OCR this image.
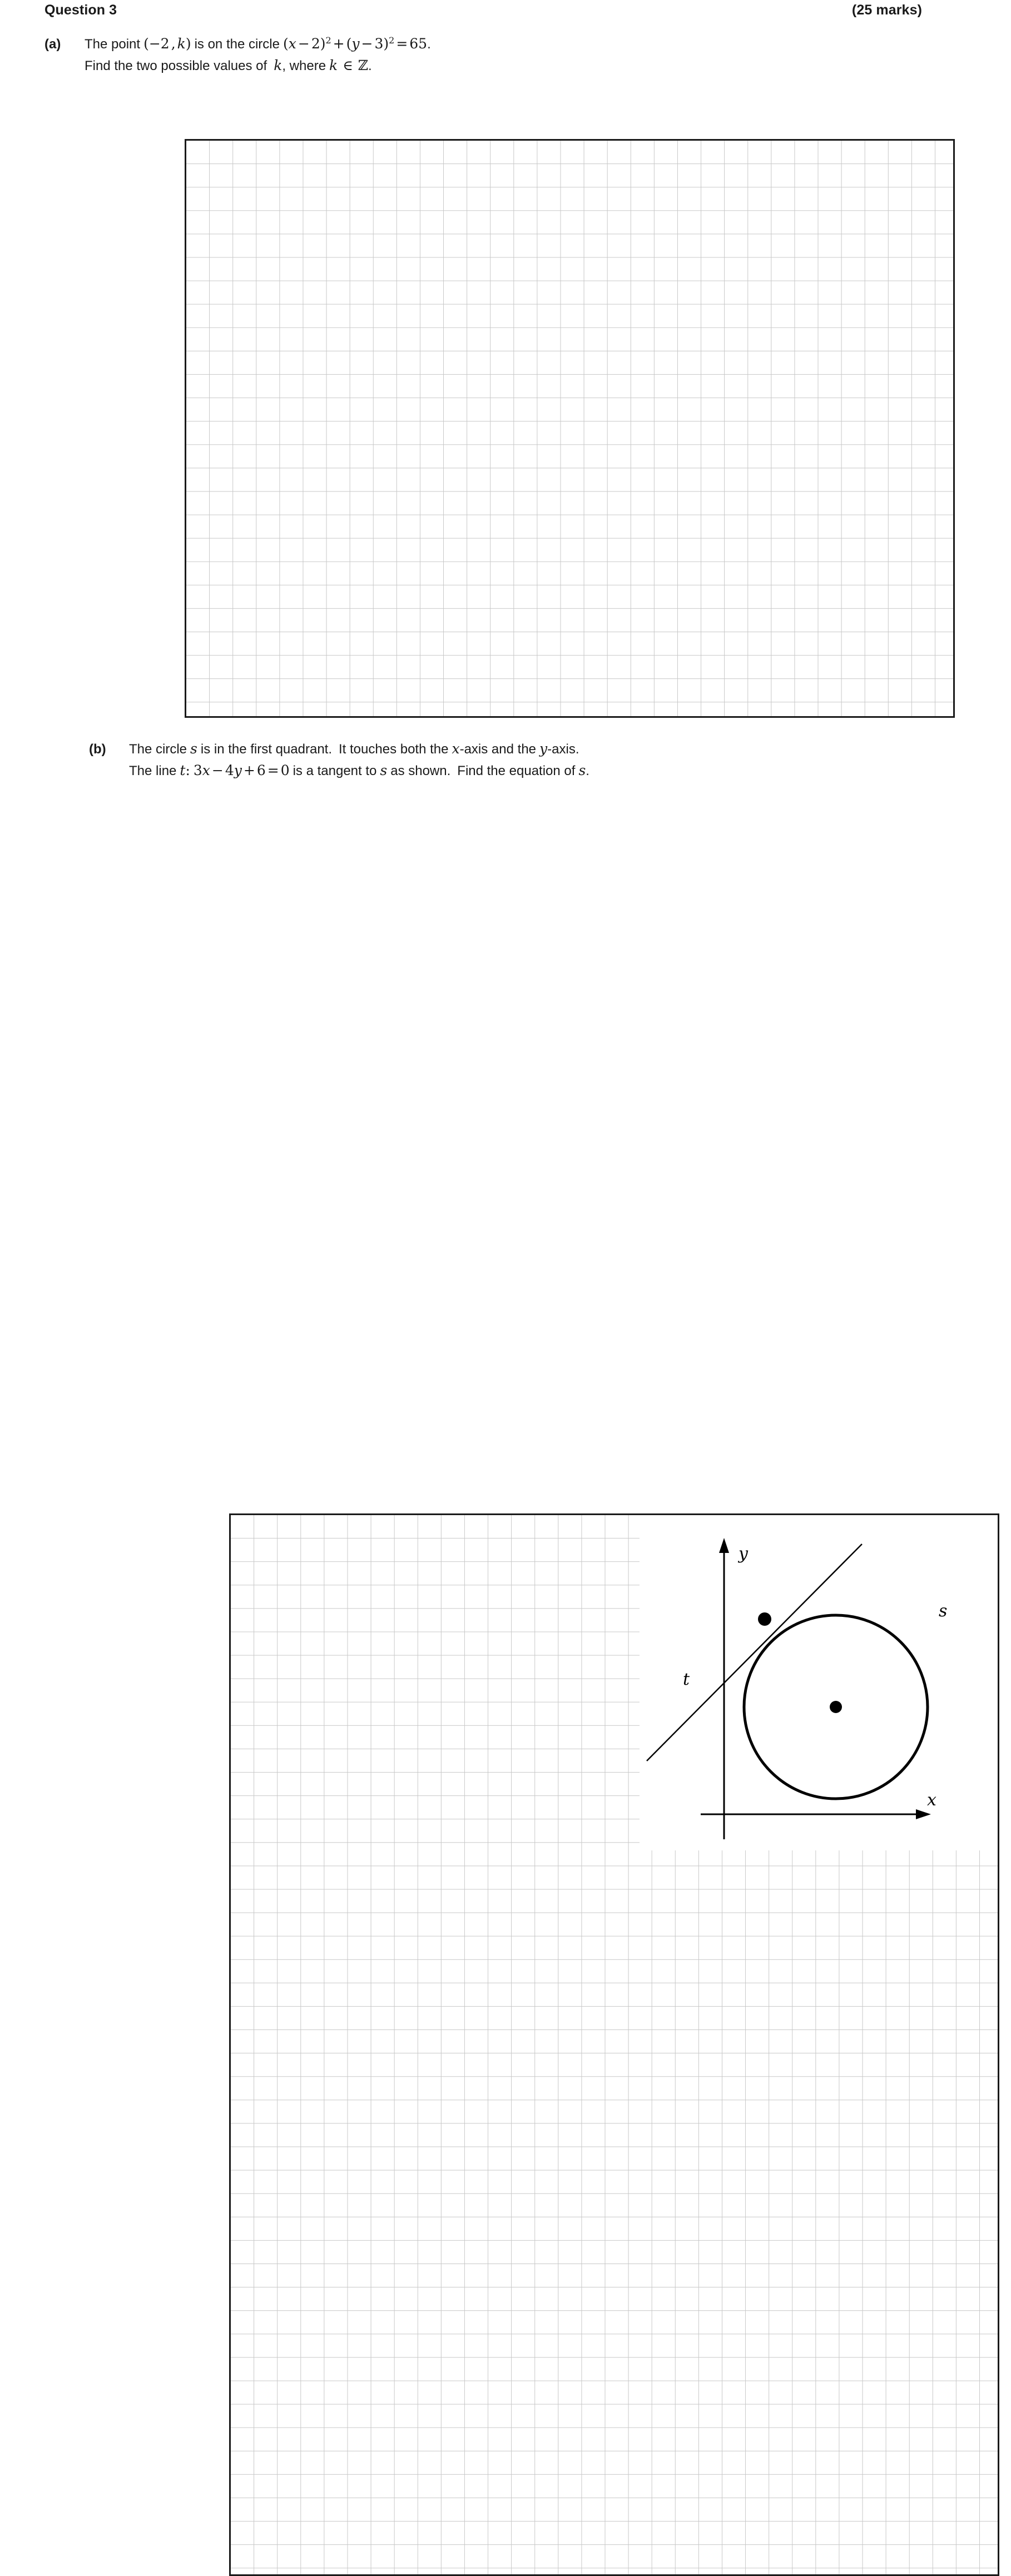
Question 3	(25 marks)
(a)	The point (−2 , k) is on the circle $(x - 2)^2 + (y - 3)^2 = 65$.
Find the two possible values of k, where k ∈ ℤ.
(b)	The circle s is in the first quadrant. It touches both the x-axis and the y-axis.
The line t: 3x − 4y + 6 = 0 is a tangent to s as shown. Find the equation of s.
y
x
s
t
